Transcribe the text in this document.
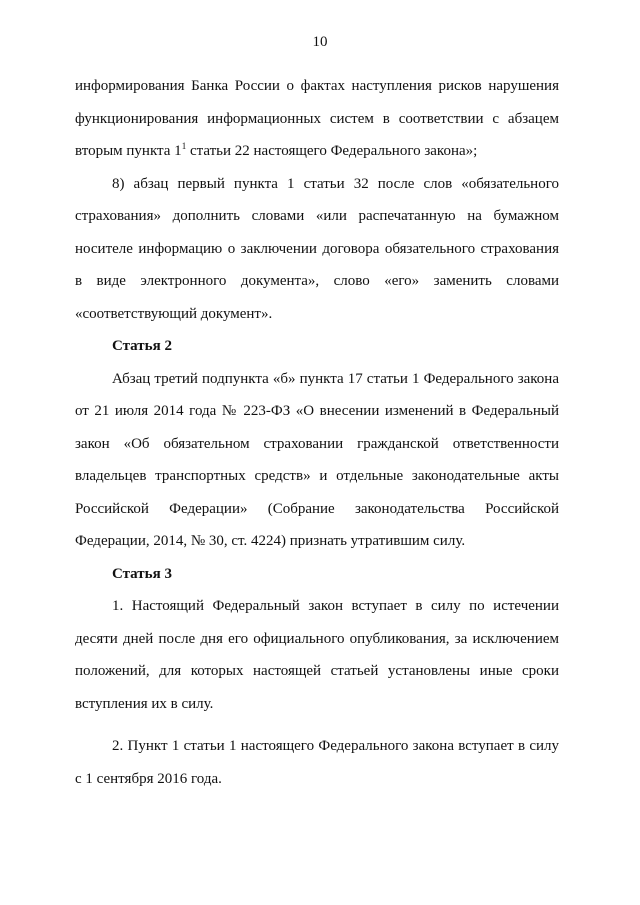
10
информирования Банка России о фактах наступления рисков нарушения
функционирования информационных систем в соответствии с абзацем
вторым пункта $1^1$ статьи 22 настоящего Федерального закона»;
8) абзац первый пункта 1 статьи 32 после слов «обязательного
страхования» дополнить словами «или распечатанную на бумажном
носителе информацию о заключении договора обязательного страхования
в виде электронного документа», слово «его» заменить словами
«соответствующий документ».
Статья 2
Абзац третий подпункта «б» пункта 17 статьи 1 Федерального закона
от 21 июля 2014 года № 223-ФЗ «О внесении изменений в Федеральный
закон «Об обязательном страховании гражданской ответственности
владельцев транспортных средств» и отдельные законодательные акты
Российской Федерации» (Собрание законодательства Российской
Федерации, 2014, № 30, ст. 4224) признать утратившим силу.
Статья 3
1. Настоящий Федеральный закон вступает в силу по истечении
десяти дней после дня его официального опубликования, за исключением
положений, для которых настоящей статьей установлены иные сроки
вступления их в силу.
2. Пункт 1 статьи 1 настоящего Федерального закона вступает в силу
с 1 сентября 2016 года.
